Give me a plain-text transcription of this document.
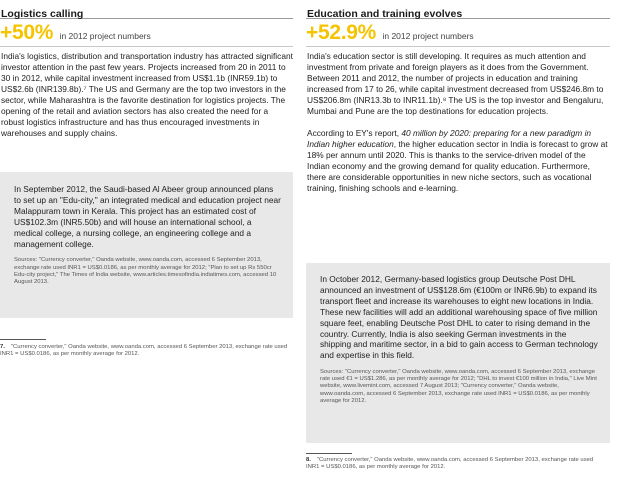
Logistics calling
+50% in 2012 project numbers

India's logistics, distribution and transportation industry has attracted significant investor attention in the past few years. Projects increased from 20 in 2011 to 30 in 2012, while capital investment increased from US$1.1b (INR59.1b) to US$2.6b (INR139.8b).⁷ The US and Germany are the top two investors in the sector, while Maharashtra is the favorite destination for logistics projects. The opening of the retail and aviation sectors has also created the need for a robust logistics infrastructure and has thus encouraged investments in warehouses and supply chains.

In September 2012, the Saudi-based Al Abeer group announced plans to set up an "Edu-city," an integrated medical and education project near Malappuram town in Kerala. This project has an estimated cost of US$102.3m (INR5.50b) and will house an international school, a medical college, a nursing college, an engineering college and a management college.

Sources: "Currency converter," Oanda website, www.oanda.com, accessed 6 September 2013, exchange rate used INR1 = US$0.0186, as per monthly average for 2012; "Plan to set up Rs 550cr Edu-city project," The Times of India website, www.articles.timesofindia.indiatimes.com, accessed 10 August 2013.

7. "Currency converter," Oanda website, www.oanda.com, accessed 6 September 2013, exchange rate used INR1 = US$0.0186, as per monthly average for 2012.
Education and training evolves
+52.9% in 2012 project numbers

India's education sector is still developing. It requires as much attention and investment from private and foreign players as it does from the Government. Between 2011 and 2012, the number of projects in education and training increased from 17 to 26, while capital investment decreased from US$246.8m to US$206.8m (INR13.3b to INR11.1b).⁸ The US is the top investor and Bengaluru, Mumbai and Pune are the top destinations for education projects.

According to EY's report, 40 million by 2020: preparing for a new paradigm in Indian higher education, the higher education sector in India is forecast to grow at 18% per annum until 2020. This is thanks to the service-driven model of the Indian economy and the growing demand for quality education. Furthermore, there are considerable opportunities in new niche sectors, such as vocational training, finishing schools and e-learning.

In October 2012, Germany-based logistics group Deutsche Post DHL announced an investment of US$128.6m (€100m or INR6.9b) to expand its transport fleet and increase its warehouses to eight new locations in India. These new facilities will add an additional warehousing space of five million square feet, enabling Deutsche Post DHL to cater to rising demand in the country. Currently, India is also seeking German investments in the shipping and maritime sector, in a bid to gain access to German technology and expertise in this field.

Sources: "Currency converter," Oanda website, www.oanda.com, accessed 6 September 2013, exchange rate used €1 = US$1.286, as per monthly average for 2012; "DHL to invest €100 million in India," Live Mint website, www.livemint.com, accessed 7 August 2013; "Currency converter," Oanda website, www.oanda.com, accessed 6 September 2013, exchange rate used INR1 = US$0.0186, as per monthly average for 2012.

8. "Currency converter," Oanda website, www.oanda.com, accessed 6 September 2013, exchange rate used INR1 = US$0.0186, as per monthly average for 2012.
